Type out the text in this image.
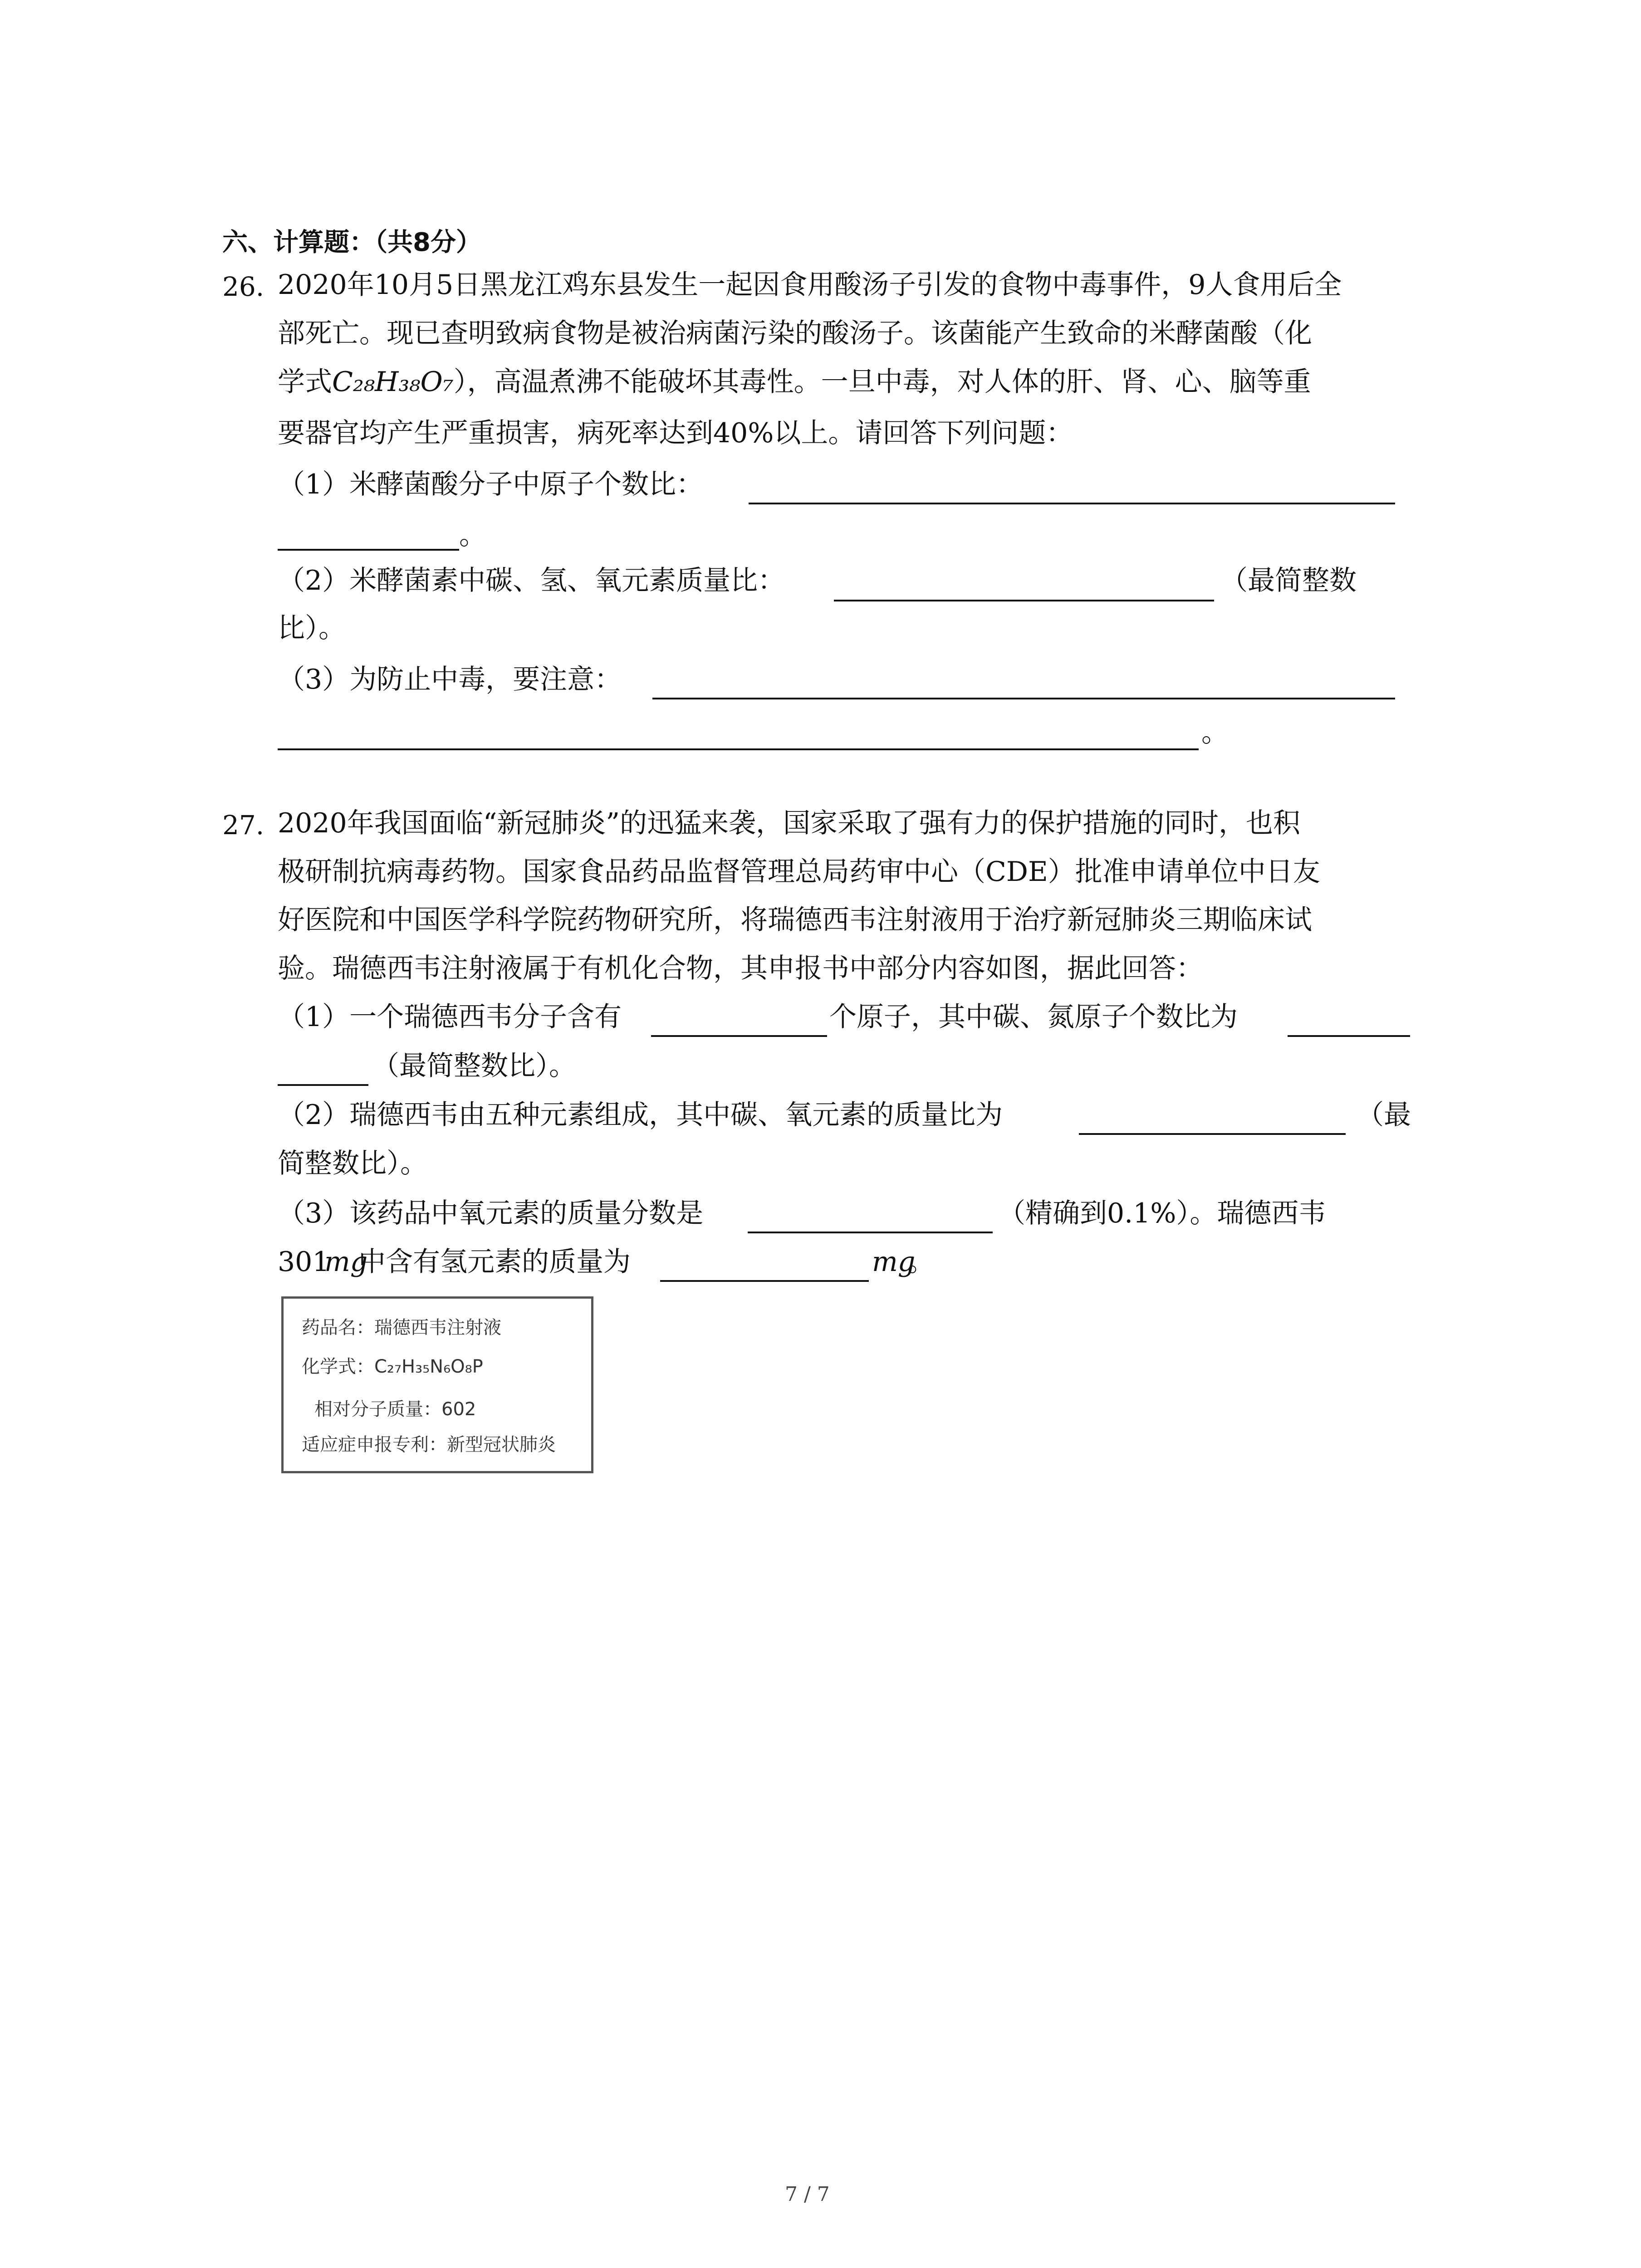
六、计算题：（共8分）
26. 2020年10月5日黑龙江鸡东县发生一起因食用酸汤子引发的食物中毒事件，9人食用后全
部死亡。现已查明致病食物是被治病菌污染的酸汤子。该菌能产生致命的米酵菌酸（化
学式C₂₈H₃₈O₇），高温煮沸不能破坏其毒性。一旦中毒，对人体的肝、肾、心、脑等重
要器官均产生严重损害，病死率达到40%以上。请回答下列问题：
（1）米酵菌酸分子中原子个数比：
。
（2）米酵菌素中碳、氢、氧元素质量比：	（最简整数
比）。
（3）为防止中毒，要注意：
。
27. 2020年我国面临“新冠肺炎”的迅猛来袭，国家采取了强有力的保护措施的同时，也积
极研制抗病毒药物。国家食品药品监督管理总局药审中心（CDE）批准申请单位中日友
好医院和中国医学科学院药物研究所，将瑞德西韦注射液用于治疗新冠肺炎三期临床试
验。瑞德西韦注射液属于有机化合物，其申报书中部分内容如图，据此回答：
（1）一个瑞德西韦分子含有	个原子，其中碳、氮原子个数比为
（最简整数比）。
（2）瑞德西韦由五种元素组成，其中碳、氧元素的质量比为	（最
简整数比）。
（3）该药品中氧元素的质量分数是	（精确到0.1%）。瑞德西韦
301
mg
中含有氢元素的质量为	mg
。
药品名：瑞德西韦注射液
化学式：C₂₇H₃₅N₆O₈P
相对分子质量：602
适应症申报专利：新型冠状肺炎
7 / 7
